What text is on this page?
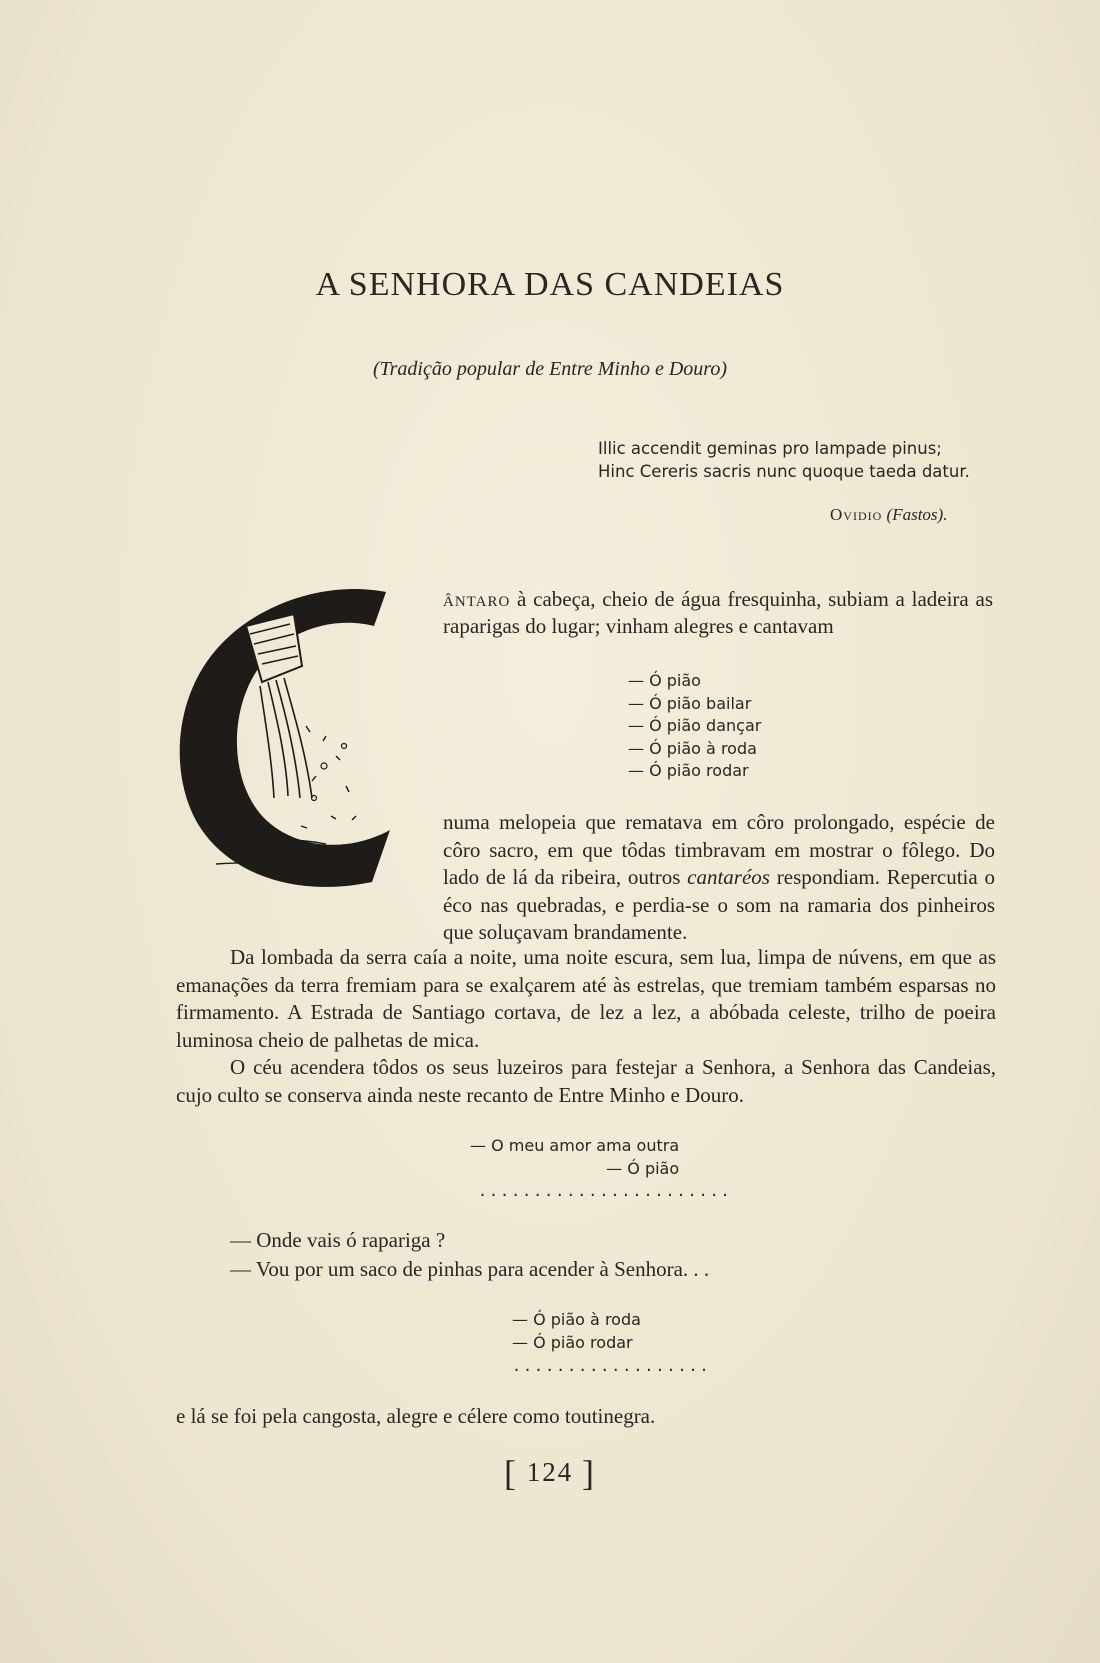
A SENHORA DAS CANDEIAS
(Tradição popular de Entre Minho e Douro)
Illic accendit geminas pro lampade pinus;
Hinc Cereris sacris nunc quoque taeda datur.
Ovidio (Fastos).
ântaro à cabeça, cheio de água fresquinha, subiam a ladeira as raparigas do lugar; vinham alegres e cantavam
— Ó pião
— Ó pião bailar
— Ó pião dançar
— Ó pião à roda
— Ó pião rodar
numa melopeia que rematava em côro prolongado, espécie de côro sacro, em que tôdas timbravam em mostrar o fôlego. Do lado de lá da ribeira, outros cantaréos respondiam. Repercutia o éco nas quebradas, e perdia-se o som na ramaria dos pinheiros que soluçavam brandamente.

Da lombada da serra caía a noite, uma noite escura, sem lua, limpa de núvens, em que as emanações da terra fremiam para se exalçarem até às estrelas, que tremiam também esparsas no firmamento. A Estrada de Santiago cortava, de lez a lez, a abóbada celeste, trilho de poeira luminosa cheio de palhetas de mica.

O céu acendera tôdos os seus luzeiros para festejar a Senhora, a Senhora das Candeias, cujo culto se conserva ainda neste recanto de Entre Minho e Douro.

— O meu amor ama outra
— Ó pião
.......................
— Onde vais ó rapariga ?
— Vou por um saco de pinhas para acender à Senhora. . .
— Ó pião à roda
— Ó pião rodar
..................
e lá se foi pela cangosta, alegre e célere como toutinegra.
[ 124 ]
